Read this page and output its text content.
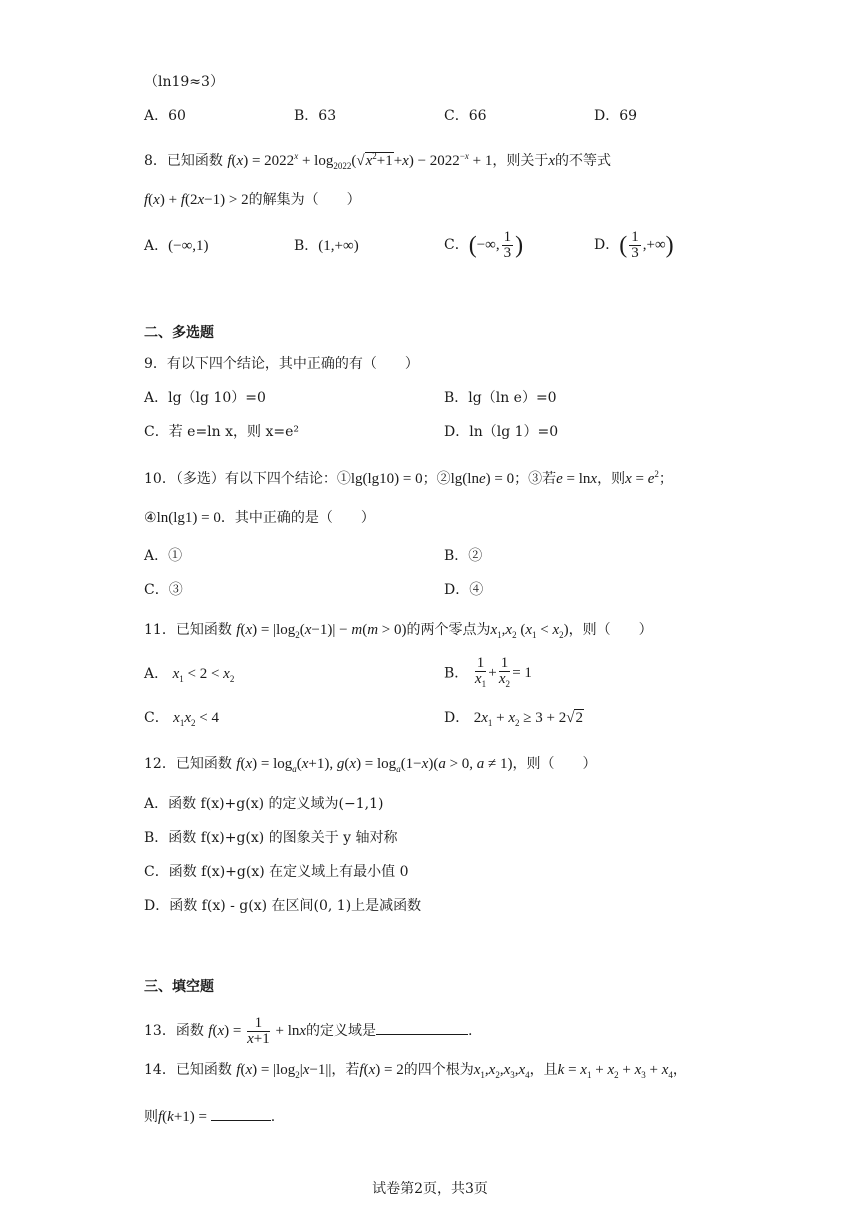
（ln19≈3）
A．60	B．63	C．66	D．69
8．已知函数 $f(x) = 2022^x + \log_{2022}(√x^2+1+x) - 2022^{-x} + 1$，则关于x的不等式
f(x) + f(2x−1) > 2的解集为（　　）
A．(−∞,1)	B．(1,+∞)	C．(−∞, $\frac{1}{3}$ )	D．( $\frac{1}{3}$ ,+∞)
二、多选题
9．有以下四个结论，其中正确的有（　　）
A．lg（lg 10）=0	B．lg（ln e）=0
C．若 e=ln x，则 x=e²	D．ln（lg 1）=0
10．（多选）有以下四个结论：①lg(lg10) = 0；②lg(lne) = 0；③若e = lnx，则$x = e^2$；
④ln(lg1) = 0．其中正确的是（　　）
A．①	B．②
C．③	D．④
11．已知函数 $f(x) = |\log_2(x-1)| - m(m > 0)$的两个零点为$x_1,x_2$ $(x_1 < x_2)$，则（　　）
A． $x_1 < 2 < x_2$	B． $\frac{1}{x_1} + \frac{1}{x_2} = 1$
C． $x_1x_2 < 4$	D． $2x_1 + x_2 \ge 3 + 2√2$
12．已知函数 $f(x) = \log_a(x+1)$, $g(x) = \log_a(1-x)(a > 0$, a ≠ 1)，则（　　）
A．函数 f(x)+g(x) 的定义域为(−1,1)
B．函数 f(x)+g(x) 的图象关于 y 轴对称
C．函数 f(x)+g(x) 在定义域上有最小值 0
D．函数 f(x) - g(x) 在区间(0, 1)上是减函数
三、填空题
13．函数 $f(x) = \frac{1}{x+1} + \ln x$的定义域是	.
14．已知函数 $f(x) = |\log_2|x-1||$，若f(x) = 2的四个根为$x_1,x_2,x_3,x_4$，且$k = x_1 + x_2 + x_3 + x_4$，
则f(k+1) =	.
试卷第2页，共3页
